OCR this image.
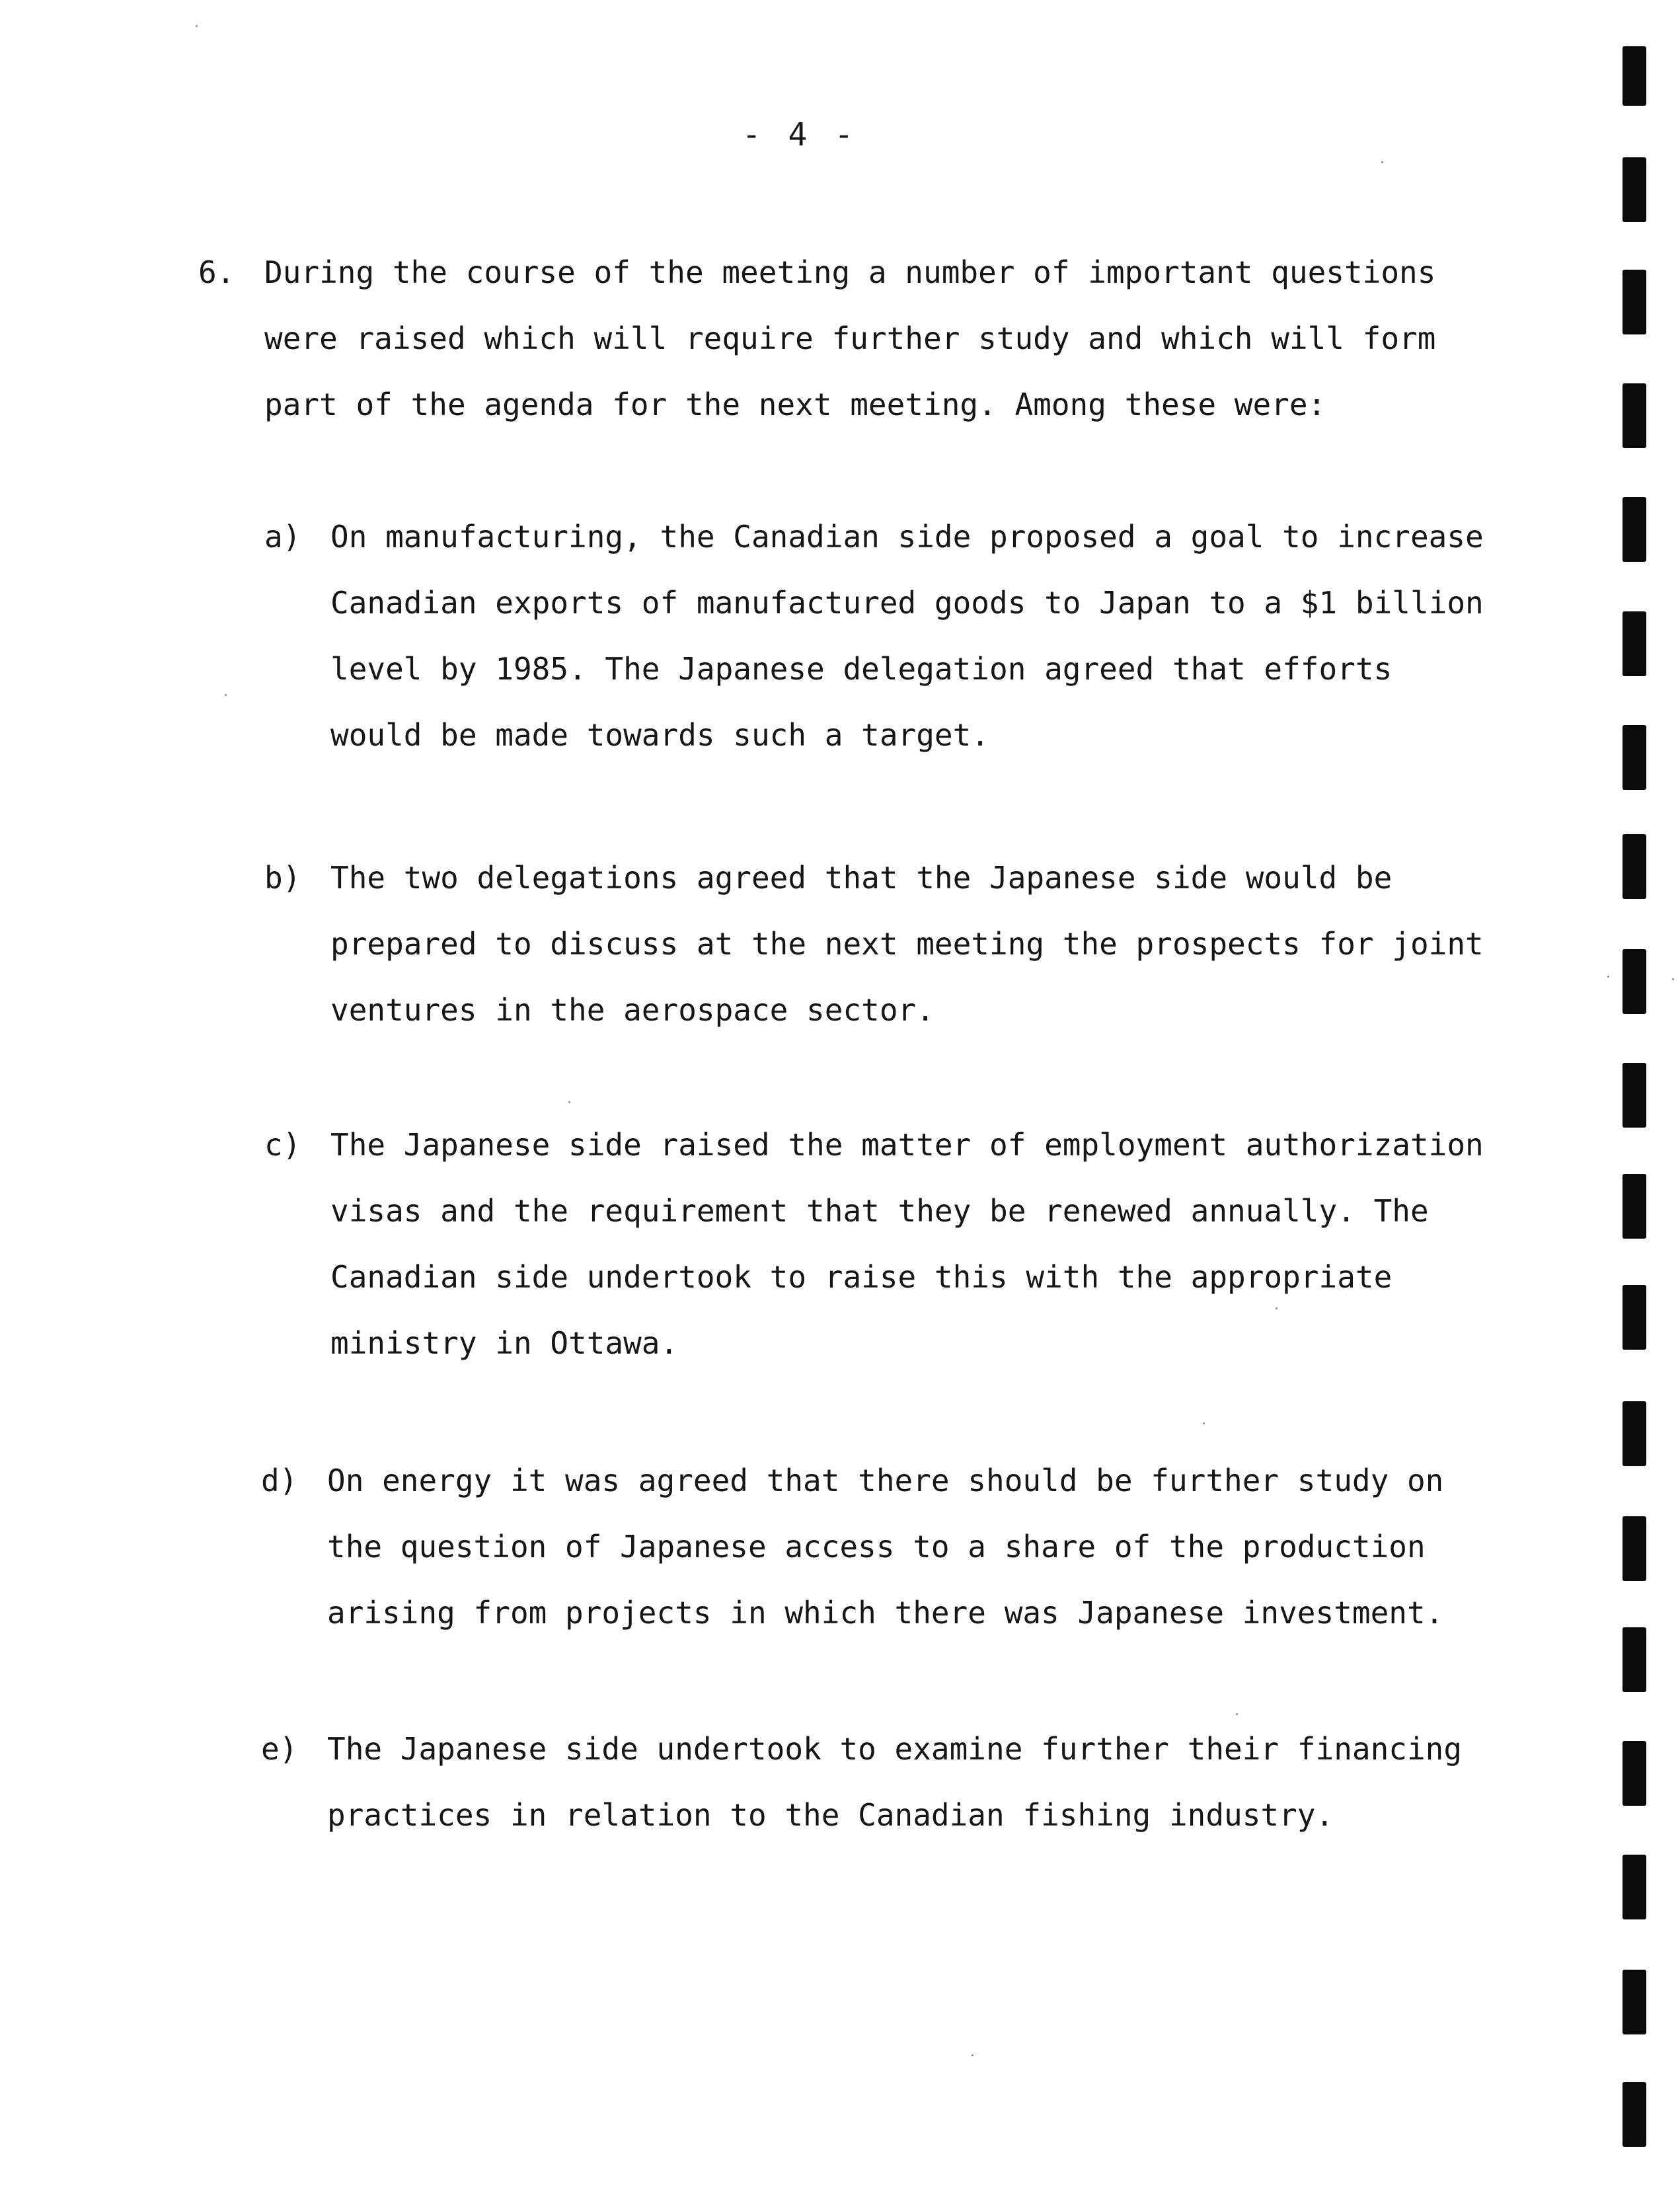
- 4 -
6. During the course of the meeting a number of important questions
were raised which will require further study and which will form
part of the agenda for the next meeting. Among these were:
a) On manufacturing, the Canadian side proposed a goal to increase
Canadian exports of manufactured goods to Japan to a $1 billion
level by 1985. The Japanese delegation agreed that efforts
would be made towards such a target.
b) The two delegations agreed that the Japanese side would be
prepared to discuss at the next meeting the prospects for joint
ventures in the aerospace sector.
c) The Japanese side raised the matter of employment authorization
visas and the requirement that they be renewed annually. The
Canadian side undertook to raise this with the appropriate
ministry in Ottawa.
d) On energy it was agreed that there should be further study on
the question of Japanese access to a share of the production
arising from projects in which there was Japanese investment.
e) The Japanese side undertook to examine further their financing
practices in relation to the Canadian fishing industry.
